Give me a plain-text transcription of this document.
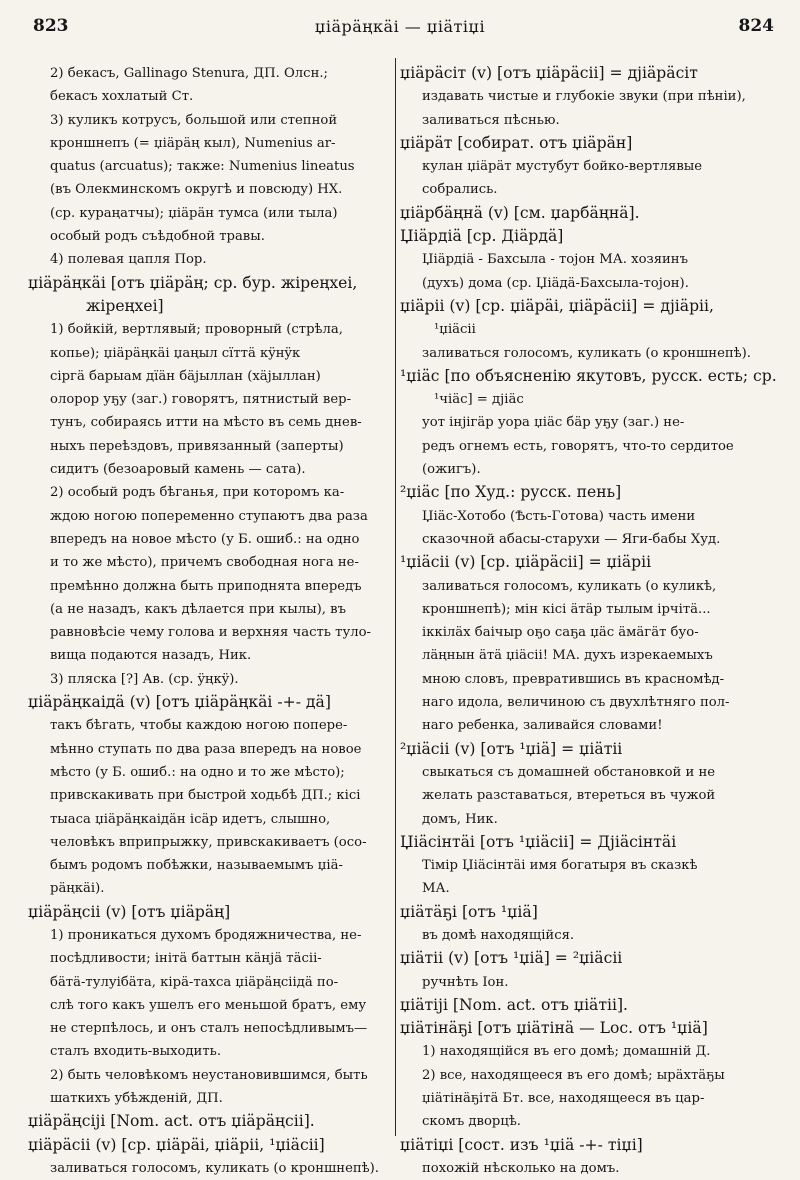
823	џiäрäңкäi — џiäтiџi	824
2) бекасъ, Gallinago Stenura, ДП. Олсн.;
бекасъ хохлатый Ст.
3) куликъ котрусъ, большой или степной
кроншнепъ (= џiäрäң кыл), Numenius ar-
quatus (arcuatus); также: Numenius lineatus
(въ Олекминскомъ округѣ и повсюду) НХ.
(ср. кураңатчы); џiäрäн тумса (или тыла)
особый родъ съѣдобной травы.
4) полевая цапля Пор.
џiäрäңкäi [отъ џiäрäң; ср. бур. жiрeңхеi,
жiреңхеi]
1) бойкiй, вертлявый; проворный (стрѣла,
копье); џiäрäңкäi џаңыл сïттä кÿнÿк
сiргä барыам дïäн бäјыллан (хäјыллан)
олорор уҕу (заг.) говорятъ, пятнистый вер-
тунъ, собираясь итти на мѣсто въ семь днев-
ныхъ переѣздовъ, привязанный (заперты)
сидитъ (безоаровый камень — сата).
2) особый родъ бѣганья, при которомъ ка-
ждою ногою попеременно ступаютъ два раза
впередъ на новое мѣсто (у Б. ошиб.: на одно
и то же мѣсто), причемъ свободная нога не-
премѣнно должна быть приподнята впередъ
(а не назадъ, какъ дѣлается при кылы), въ
равновѣсiе чему голова и верхняя часть туло-
вища подаются назадъ, Ник.
3) пляска [?] Ав. (ср. ÿңкÿ).
џiäрäңкаiдä (v) [отъ џiäрäңкäi -+- дä]
такъ бѣгать, чтобы каждою ногою попере-
мѣнно ступать по два раза впередъ на новое
мѣсто (у Б. ошиб.: на одно и то же мѣсто);
привскакивать при быстрой ходьбѣ ДП.; кiсi
тыаса џiäрäңкаiдäн iсäр идетъ, слышно,
человѣкъ вприпрыжку, привскакиваетъ (осо-
бымъ родомъ побѣжки, называемымъ џiä-
рäңкäi).
џiäрäңсii (v) [отъ џiäрäң]
1) проникаться духомъ бродяжничества, не-
посѣдливости; iнiтä баттын кäнјä тäсii-
бäтä-тулуiбäта, кiрä-тахса џiäрäңсiiдä по-
слѣ того какъ ушелъ его меньшой братъ, ему
не стерпѣлось, и онъ сталъ непосѣдливымъ—
сталъ входить-выходить.
2) быть человѣкомъ неустановившимся, быть
шаткихъ убѣжденiй, ДП.
џiäрäңсiji [Nom. act. отъ џiäрäңсii].
џiäрäсii (v) [ср. џiäрäi, џiäрii, ¹џiäсii]
заливаться голосомъ, куликать (о кроншнепѣ).
џiäрäсiт (v) [отъ џiäрäсii] = дјiäрäсiт
издавать чистые и глубокiе звуки (при пѣнiи),
заливаться пѣснью.
џiäрäт [собират. отъ џiäрäн]
кулан џiäрäт мустубут бойко-вертлявые
собрались.
џiäрбäңнä (v) [см. џарбäңнä].
Џiäрдiä [ср. Дiäрдä]
Џiäрдiä - Бахсыла - тојон МА. хозяинъ
(духъ) дома (ср. Џiäдä-Бахсыла-тојон).
џiäрii (v) [ср. џiäрäi, џiäрäсii] = дјiäрii,
¹џiäсii
заливаться голосомъ, куликать (о кроншнепѣ).
¹џiäс [по объясненiю якутовъ, русск. есть; ср.
¹чiäс] = дјiäс
уот iнјiгäр уора џiäс бäр уҕу (заг.) не-
редъ огнемъ есть, говорятъ, что-то сердитое
(ожигъ).
²џiäс [по Худ.: русск. пень]
Џiäс-Хотобо (Ѣсть-Готова) часть имени
сказочной абасы-старухи — Яги-бабы Худ.
¹џiäсii (v) [ср. џiäрäсii] = џiäрii
заливаться голосомъ, куликать (о куликѣ,
кроншнепѣ); мiн кiсi äтäр тылым iрчiтä...
iккiлäх баiчыр оҕо саҕа џäс äмäгäт буо-
лäңнын äтä џiäсii! МА. духъ изрекаемыхъ
мною словъ, превратившись въ красномѣд-
наго идола, величиною съ двухлѣтняго пол-
наго ребенка, заливайся словами!
²џiäсii (v) [отъ ¹џiä] = џiäтii
свыкаться съ домашней обстановкой и не
желать разставаться, втереться въ чужой
домъ, Ник.
Џiäсiнтäi [отъ ¹џiäсii] = Дјiäсiнтäi
Тiмiр Џiäсiнтäi имя богатыря въ сказкѣ
МА.
џiäтäҕi [отъ ¹џiä]
въ домѣ находящiйся.
џiäтii (v) [отъ ¹џiä] = ²џiäсii
ручнѣть Іон.
џiäтiji [Nom. act. отъ џiäтii].
џiäтiнäҕi [отъ џiäтiнä — Loc. отъ ¹џiä]
1) находящiйся въ его домѣ; домашнiй Д.
2) все, находящееся въ его домѣ; ырäхтäҕы
џiäтiнäҕiтä Бт. все, находящееся въ цар-
скомъ дворцѣ.
џiäтiџi [сост. изъ ¹џiä -+- тiџi]
похожiй нѣсколько на домъ.
